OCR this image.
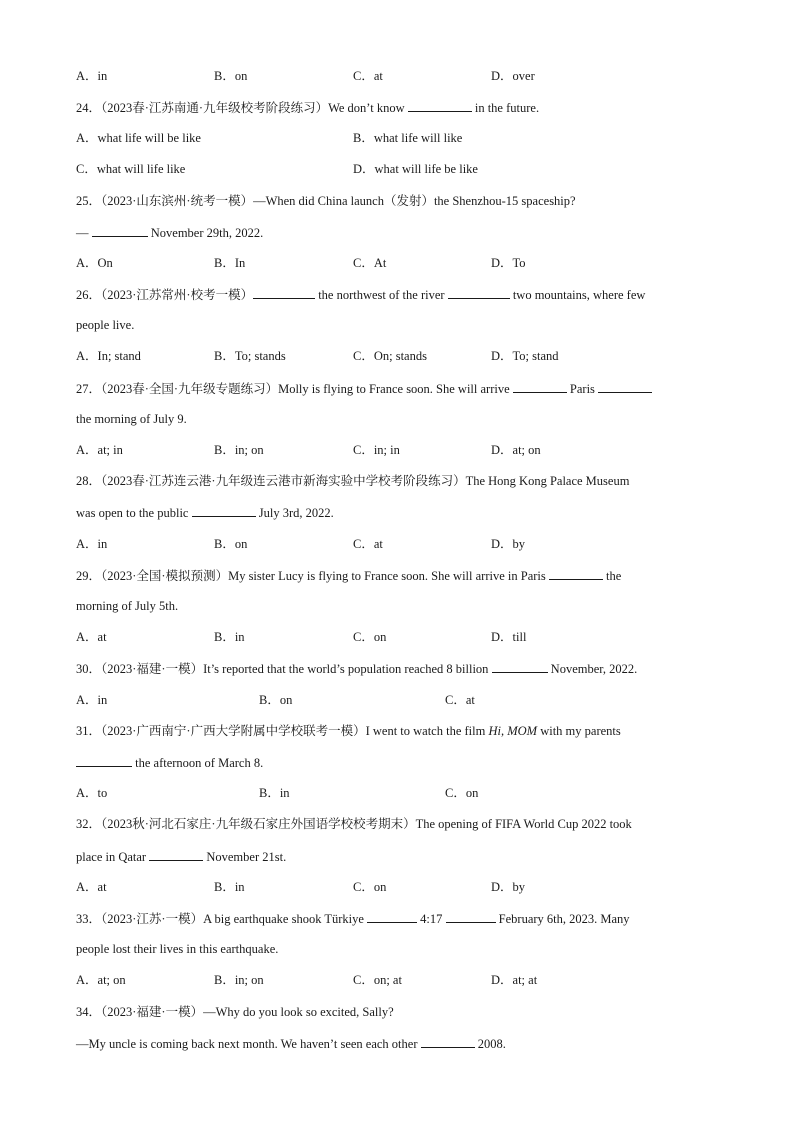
A．in	B．on	C．at	D．over
24．（2023春·江苏南通·九年级校考阶段练习）We don’t know	in the future.
A．what life will be like	B．what life will like
C．what will life like	D．what will life be like
25．（2023·山东滨州·统考一模）—When did China launch（发射）the Shenzhou-15 spaceship?
—	November 29th, 2022.
A．On	B．In	C．At	D．To
26．（2023·江苏常州·校考一模）	the northwest of the river	two mountains, where few
people live.
A．In; stand	B．To; stands	C．On; stands	D．To; stand
27．（2023春·全国·九年级专题练习）Molly is flying to France soon. She will arrive	Paris
the morning of July 9.
A．at; in	B．in; on	C．in; in	D．at; on
28．（2023春·江苏连云港·九年级连云港市新海实验中学校考阶段练习）The Hong Kong Palace Museum
was open to the public	July 3rd, 2022.
A．in	B．on	C．at	D．by
29．（2023·全国·模拟预测）My sister Lucy is flying to France soon. She will arrive in Paris	the
morning of July 5th.
A．at	B．in	C．on	D．till
30．（2023·福建·一模）It’s reported that the world’s population reached 8 billion	November, 2022.
A．in	B．on	C．at
31．（2023·广西南宁·广西大学附属中学校联考一模）I went to watch the film Hi, MOM with my parents
the afternoon of March 8.
A．to	B．in	C．on
32．（2023秋·河北石家庄·九年级石家庄外国语学校校考期末）The opening of FIFA World Cup 2022 took
place in Qatar	November 21st.
A．at	B．in	C．on	D．by
33．（2023·江苏·一模）A big earthquake shook Türkiye	4:17	February 6th, 2023. Many
people lost their lives in this earthquake.
A．at; on	B．in; on	C．on; at	D．at; at
34．（2023·福建·一模）—Why do you look so excited, Sally?
—My uncle is coming back next month. We haven’t seen each other	2008.
